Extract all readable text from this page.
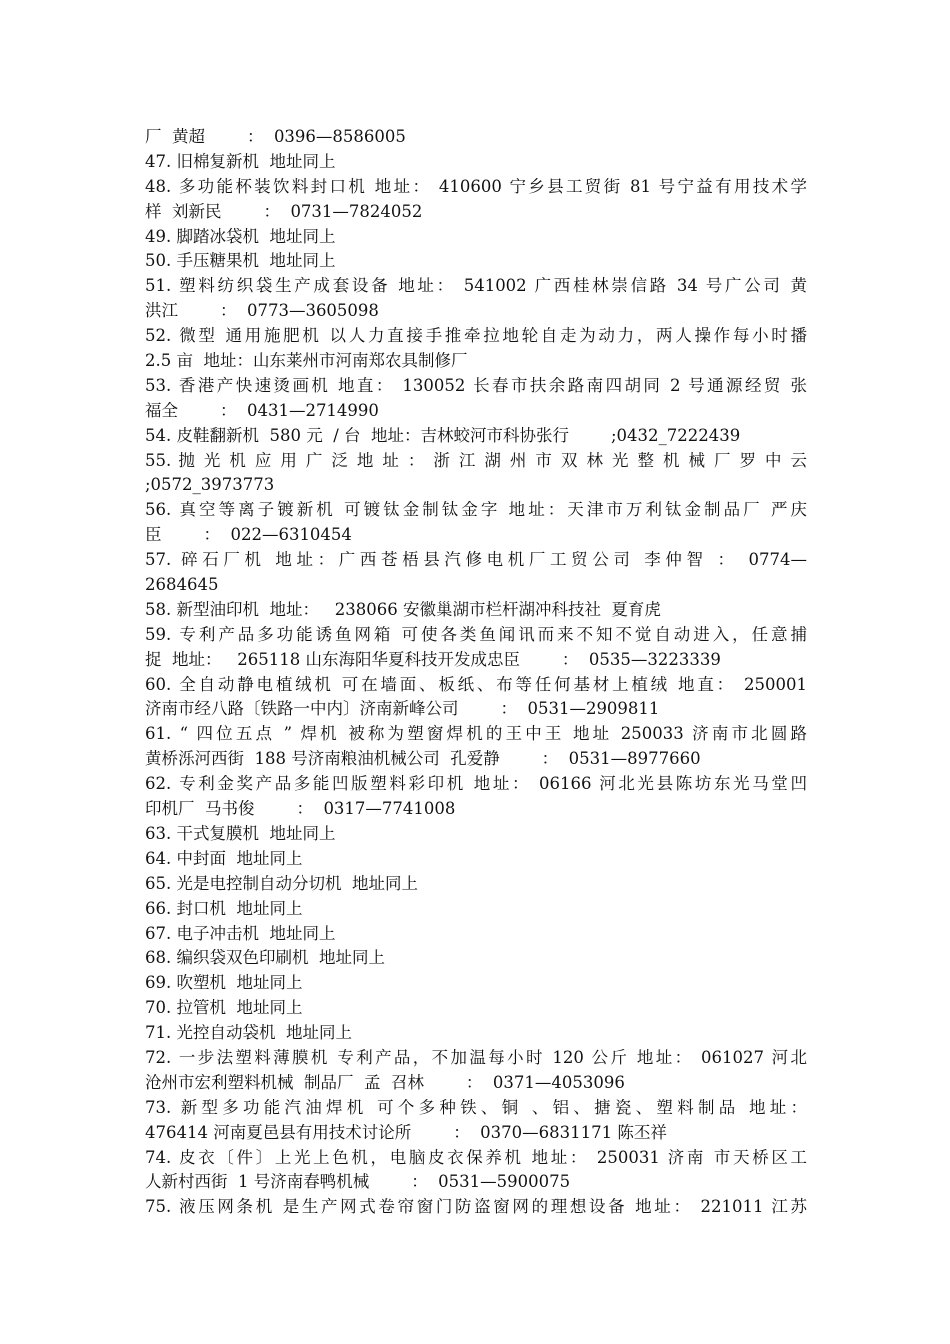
厂  黄超        ：  0396—8586005
47. 旧棉复新机  地址同上
48. 多功能杯装饮料封口机 地址： 410600 宁乡县工贸街 81 号宁益有用技术学
样  刘新民        ：  0731—7824052
49. 脚踏冰袋机  地址同上
50. 手压糖果机  地址同上
51. 塑料纺织袋生产成套设备 地址： 541002 广西桂林崇信路 34 号广公司 黄
洪江        ：  0773—3605098
52. 微型 通用施肥机 以人力直接手推牵拉地轮自走为动力，两人操作每小时播
2.5 亩  地址：山东莱州市河南郑农具制修厂
53. 香港产快速烫画机 地直： 130052 长春市扶余路南四胡同 2 号通源经贸 张
福全        ：  0431—2714990
54. 皮鞋翻新机  580 元  / 台  地址：吉林蛟河市科协张行        ;0432_7222439
55. 抛 光 机 应 用 广 泛 地 址 ： 浙 江 湖 州 市 双 林 光 整 机 械 厂 罗 中 云
;0572_3973773
56. 真空等离子镀新机 可镀钛金制钛金字 地址：天津市万利钛金制品厂 严庆
臣        ：  022—6310454
57. 碎石厂机 地址：广西苍梧县汽修电机厂工贸公司 李仲智 ： 0774—
2684645
58. 新型油印机  地址：   238066 安徽巢湖市栏杆湖冲科技社  夏育虎
59. 专利产品多功能诱鱼网箱 可使各类鱼闻讯而来不知不觉自动进入，任意捕
捉  地址：   265118 山东海阳华夏科技开发成忠臣        ：  0535—3223339
60. 全自动静电植绒机 可在墙面、板纸、布等任何基材上植绒 地直： 250001
济南市经八路〔铁路一中内〕济南新峰公司        ：  0531—2909811
61. “ 四位五点 ” 焊机 被称为塑窗焊机的王中王 地址 250033 济南市北圆路
黄桥泺河西街  188 号济南粮油机械公司  孔爱静        ：  0531—8977660
62. 专利金奖产品多能凹版塑料彩印机 地址： 06166 河北光县陈坊东光马堂凹
印机厂  马书俊        ：  0317—7741008
63. 干式复膜机  地址同上
64. 中封面  地址同上
65. 光是电控制自动分切机  地址同上
66. 封口机  地址同上
67. 电子冲击机  地址同上
68. 编织袋双色印刷机  地址同上
69. 吹塑机  地址同上
70. 拉管机  地址同上
71. 光控自动袋机  地址同上
72. 一步法塑料薄膜机 专利产品，不加温每小时 120 公斤 地址： 061027 河北
沧州市宏利塑料机械  制品厂  孟  召林        ：  0371—4053096
73. 新型多功能汽油焊机 可个多种铁、铜 、铝、搪瓷、塑料制品 地址：
476414 河南夏邑县有用技术讨论所        ：  0370—6831171 陈丕祥
74. 皮衣〔件〕上光上色机，电脑皮衣保养机 地址： 250031 济南 市天桥区工
人新村西街  1 号济南春鸭机械        ：  0531—5900075
75. 液压网条机 是生产网式卷帘窗门防盗窗网的理想设备 地址： 221011 江苏
